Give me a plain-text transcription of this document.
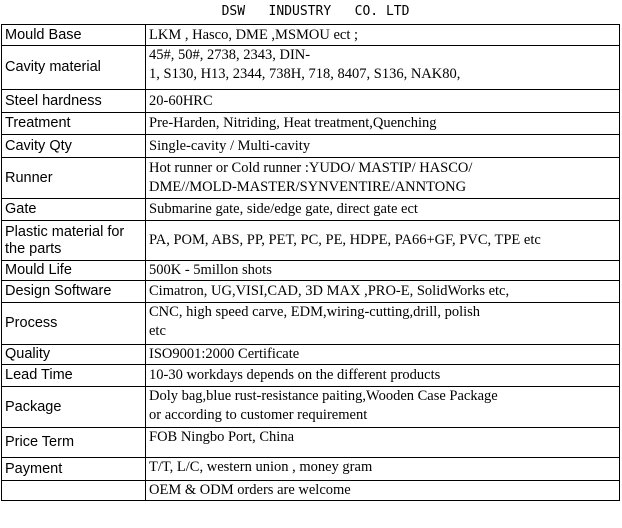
DSW   INDUSTRY   CO. LTD
Mould Base	LKM , Hasco, DME ,MSMOU ect ;

Cavity material	45#, 50#, 2738, 2343, DIN-
1, S130, H13, 2344, 738H, 718, 8407, S136, NAK80,

Steel hardness	20-60HRC

Treatment	Pre-Harden, Nitriding, Heat treatment,Quenching

Cavity Qty	Single-cavity / Multi-cavity

Runner	Hot runner or Cold runner :YUDO/ MASTIP/ HASCO/
DME//MOLD-MASTER/SYNVENTIRE/ANNTONG

Gate	Submarine gate, side/edge gate, direct gate ect

Plastic material for the parts	PA, POM, ABS, PP, PET, PC, PE, HDPE, PA66+GF, PVC, TPE etc

Mould Life	500K - 5millon shots

Design Software	Cimatron, UG,VISI,CAD, 3D MAX ,PRO-E, SolidWorks etc,

Process	CNC, high speed carve, EDM,wiring-cutting,drill, polish
etc

Quality	ISO9001:2000 Certificate

Lead Time	10-30 workdays depends on the different products

Package	Doly bag,blue rust-resistance paiting,Wooden Case Package
or according to customer requirement

Price Term	FOB Ningbo Port, China

Payment	T/T, L/C, western union , money gram

	OEM & ODM orders are welcome
